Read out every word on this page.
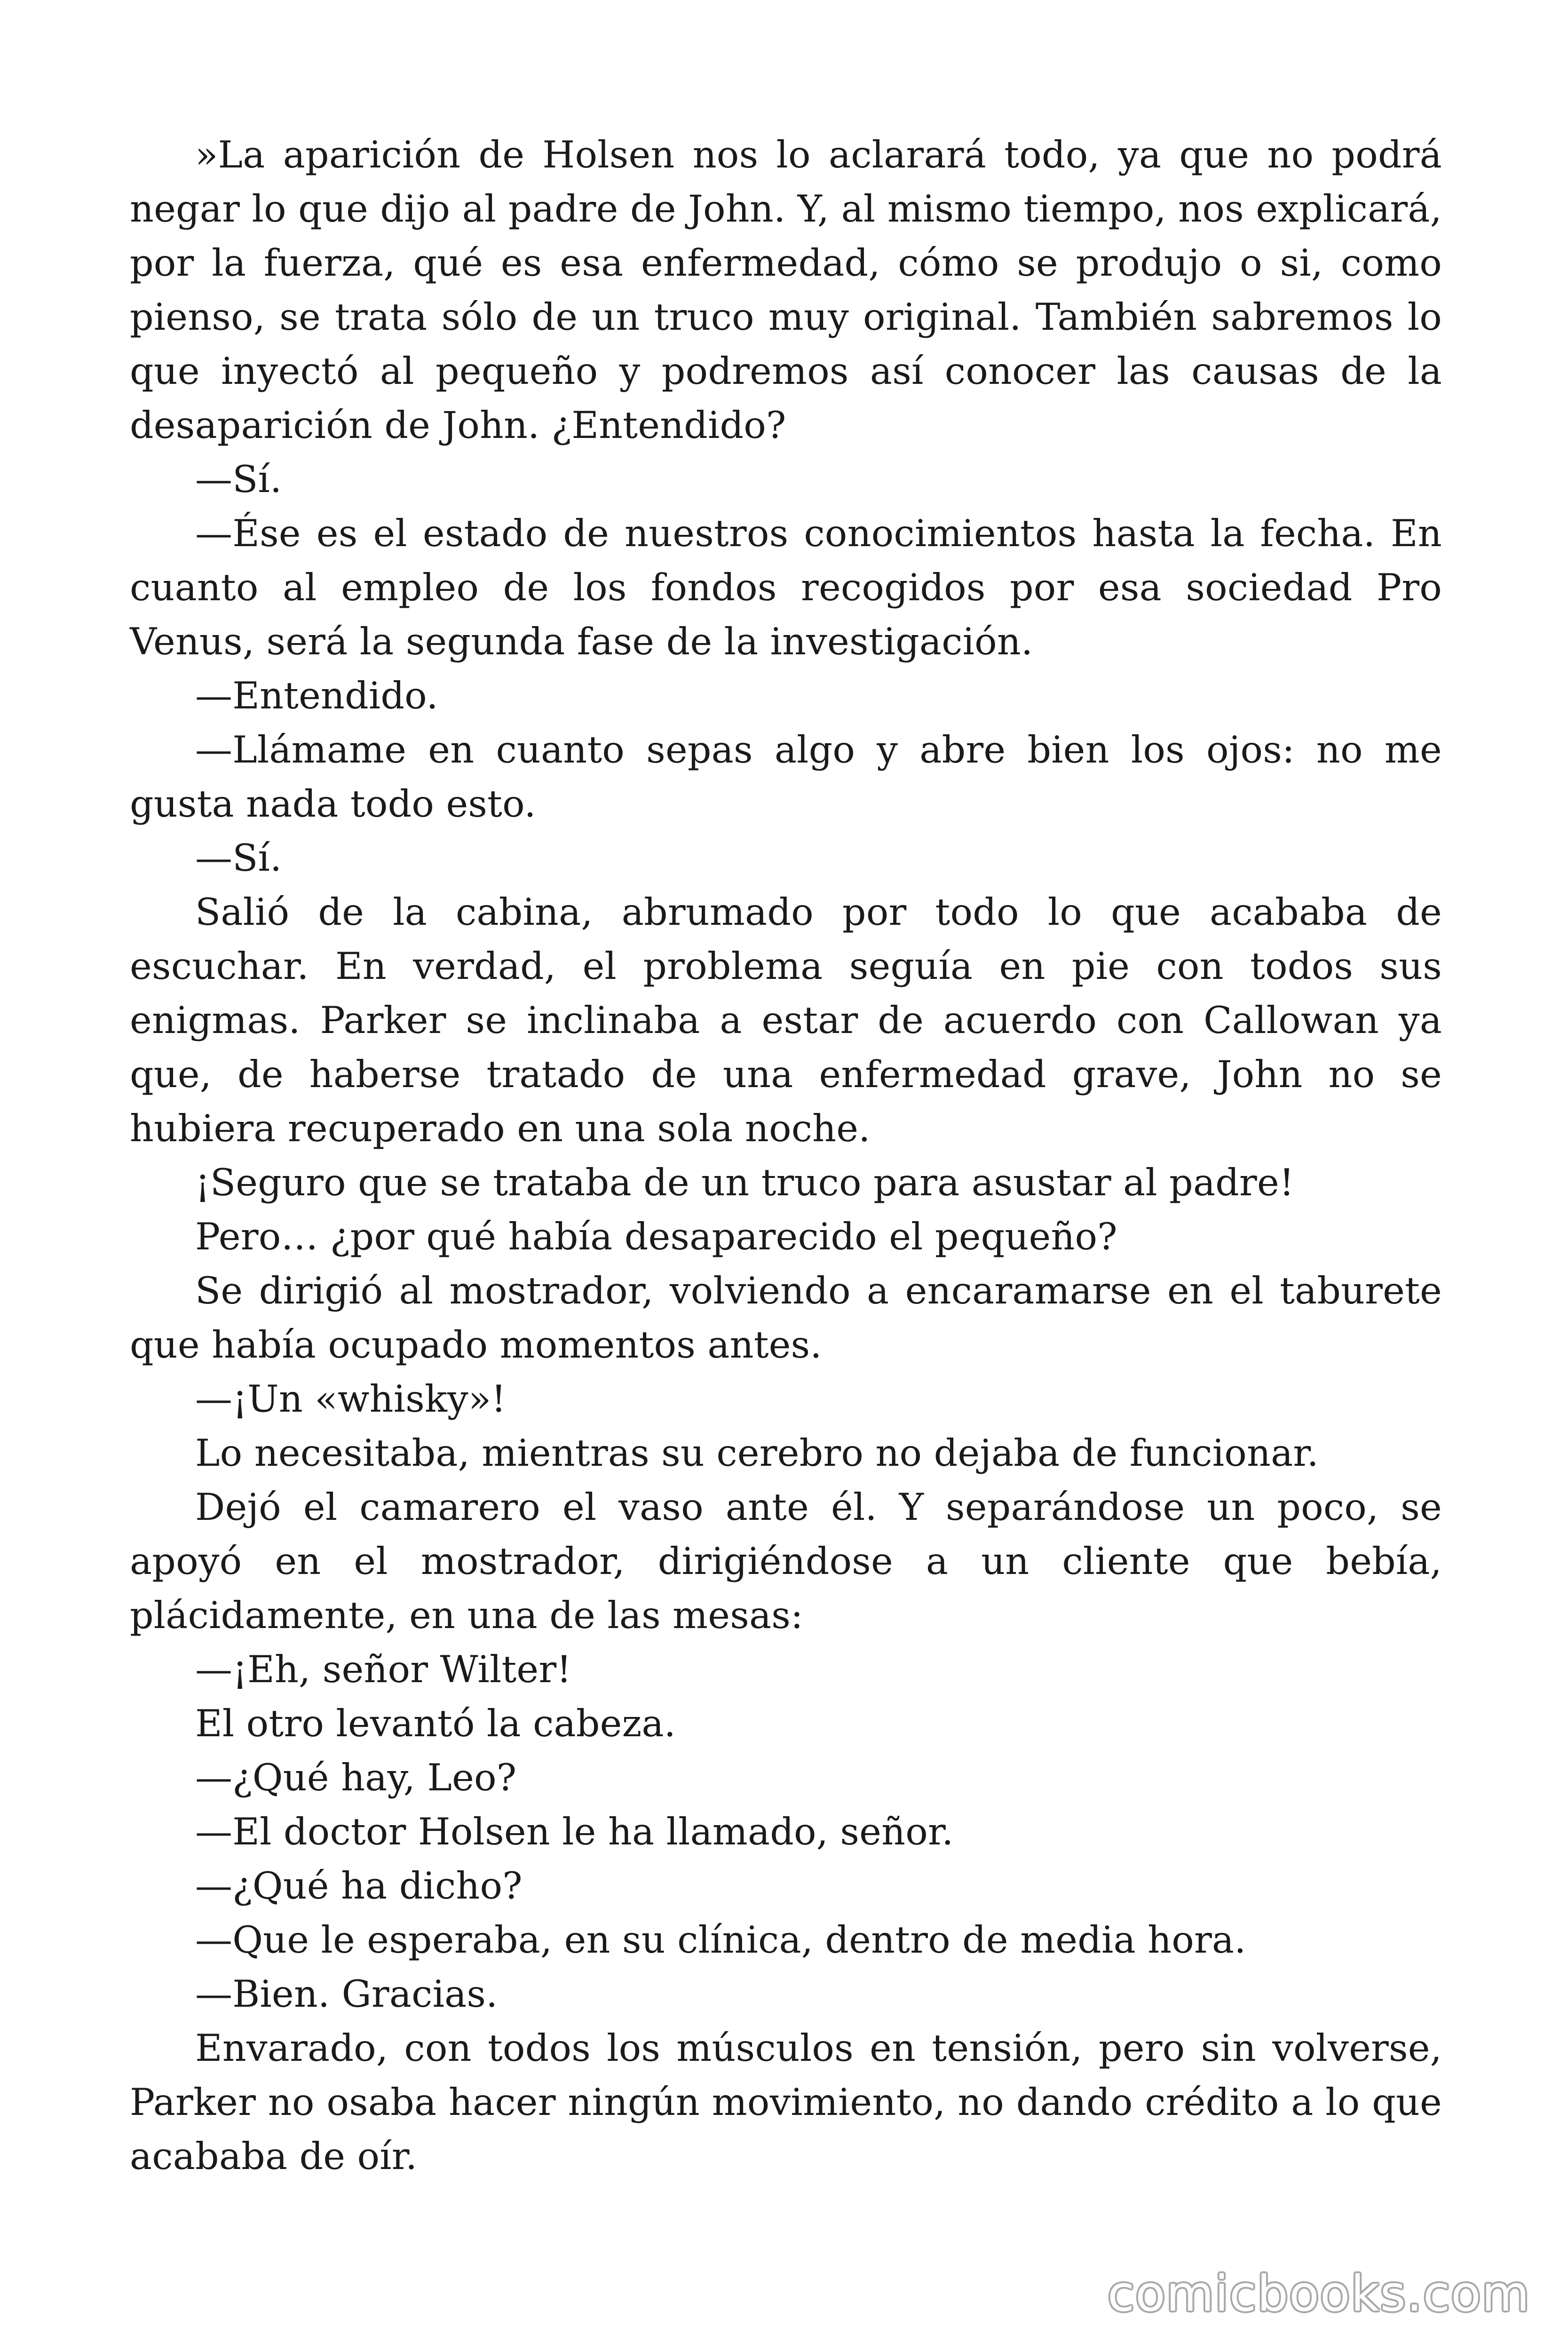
»La aparición de Holsen nos lo aclarará todo, ya que no podrá negar lo que dijo al padre de John. Y, al mismo tiempo, nos explicará, por la fuerza, qué es esa enfermedad, cómo se produjo o si, como pienso, se trata sólo de un truco muy original. También sabremos lo que inyectó al pequeño y podremos así conocer las causas de la desaparición de John. ¿Entendido?

—Sí.

—Ése es el estado de nuestros conocimientos hasta la fecha. En cuanto al empleo de los fondos recogidos por esa sociedad Pro Venus, será la segunda fase de la investigación.

—Entendido.

—Llámame en cuanto sepas algo y abre bien los ojos: no me gusta nada todo esto.

—Sí.

Salió de la cabina, abrumado por todo lo que acababa de escuchar. En verdad, el problema seguía en pie con todos sus enigmas. Parker se inclinaba a estar de acuerdo con Callowan ya que, de haberse tratado de una enfermedad grave, John no se hubiera recuperado en una sola noche.

¡Seguro que se trataba de un truco para asustar al padre!

Pero… ¿por qué había desaparecido el pequeño?

Se dirigió al mostrador, volviendo a encaramarse en el taburete que había ocupado momentos antes.

—¡Un «whisky»!

Lo necesitaba, mientras su cerebro no dejaba de funcionar.

Dejó el camarero el vaso ante él. Y separándose un poco, se apoyó en el mostrador, dirigiéndose a un cliente que bebía, plácidamente, en una de las mesas:

—¡Eh, señor Wilter!

El otro levantó la cabeza.

—¿Qué hay, Leo?

—El doctor Holsen le ha llamado, señor.

—¿Qué ha dicho?

—Que le esperaba, en su clínica, dentro de media hora.

—Bien. Gracias.

Envarado, con todos los músculos en tensión, pero sin volverse, Parker no osaba hacer ningún movimiento, no dando crédito a lo que acababa de oír.

comicbooks.com
